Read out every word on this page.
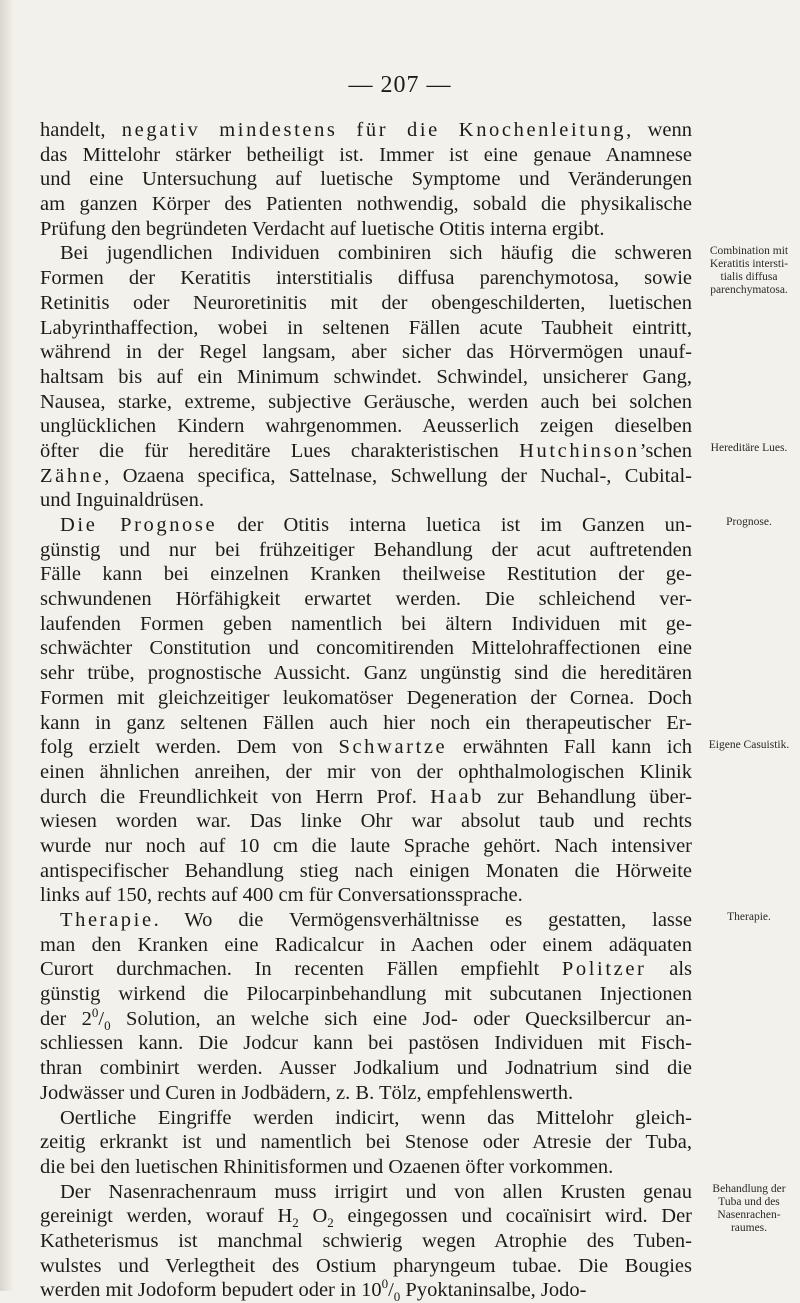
— 207 —
handelt, negativ mindestens für die Knochenleitung, wenn
das Mittelohr stärker betheiligt ist. Immer ist eine genaue Anamnese
und eine Untersuchung auf luetische Symptome und Veränderungen
am ganzen Körper des Patienten nothwendig, sobald die physikalische
Prüfung den begründeten Verdacht auf luetische Otitis interna ergibt.
Bei jugendlichen Individuen combiniren sich häufig die schweren
Formen der Keratitis interstitialis diffusa parenchymotosa, sowie
Retinitis oder Neuroretinitis mit der obengeschilderten, luetischen
Labyrinthaffection, wobei in seltenen Fällen acute Taubheit eintritt,
während in der Regel langsam, aber sicher das Hörvermögen unauf-
haltsam bis auf ein Minimum schwindet. Schwindel, unsicherer Gang,
Nausea, starke, extreme, subjective Geräusche, werden auch bei solchen
unglücklichen Kindern wahrgenommen. Aeusserlich zeigen dieselben
öfter die für hereditäre Lues charakteristischen Hutchinson’schen
Zähne, Ozaena specifica, Sattelnase, Schwellung der Nuchal-, Cubital-
und Inguinaldrüsen.
Die Prognose der Otitis interna luetica ist im Ganzen un-
günstig und nur bei frühzeitiger Behandlung der acut auftretenden
Fälle kann bei einzelnen Kranken theilweise Restitution der ge-
schwundenen Hörfähigkeit erwartet werden. Die schleichend ver-
laufenden Formen geben namentlich bei ältern Individuen mit ge-
schwächter Constitution und concomitirenden Mittelohraffectionen eine
sehr trübe, prognostische Aussicht. Ganz ungünstig sind die hereditären
Formen mit gleichzeitiger leukomatöser Degeneration der Cornea. Doch
kann in ganz seltenen Fällen auch hier noch ein therapeutischer Er-
folg erzielt werden. Dem von Schwartze erwähnten Fall kann ich
einen ähnlichen anreihen, der mir von der ophthalmologischen Klinik
durch die Freundlichkeit von Herrn Prof. Haab zur Behandlung über-
wiesen worden war. Das linke Ohr war absolut taub und rechts
wurde nur noch auf 10 cm die laute Sprache gehört. Nach intensiver
antispecifischer Behandlung stieg nach einigen Monaten die Hörweite
links auf 150, rechts auf 400 cm für Conversationssprache.
Therapie. Wo die Vermögensverhältnisse es gestatten, lasse
man den Kranken eine Radicalcur in Aachen oder einem adäquaten
Curort durchmachen. In recenten Fällen empfiehlt Politzer als
günstig wirkend die Pilocarpinbehandlung mit subcutanen Injectionen
der $2^0/_0$ Solution, an welche sich eine Jod- oder Quecksilbercur an-
schliessen kann. Die Jodcur kann bei pastösen Individuen mit Fisch-
thran combinirt werden. Ausser Jodkalium und Jodnatrium sind die
Jodwässer und Curen in Jodbädern, z. B. Tölz, empfehlenswerth.
Oertliche Eingriffe werden indicirt, wenn das Mittelohr gleich-
zeitig erkrankt ist und namentlich bei Stenose oder Atresie der Tuba,
die bei den luetischen Rhinitisformen und Ozaenen öfter vorkommen.
Der Nasenrachenraum muss irrigirt und von allen Krusten genau
gereinigt werden, worauf $H_2$ $O_2$ eingegossen und cocaïnisirt wird. Der
Katheterismus ist manchmal schwierig wegen Atrophie des Tuben-
wulstes und Verlegtheit des Ostium pharyngeum tubae. Die Bougies
werden mit Jodoform bepudert oder in $10^0/_0$ Pyoktaninsalbe, Jodo-
Combination mit Keratitis intersti- tialis diffusa parenchymatosa.
Hereditäre Lues.
Prognose.
Eigene Casuistik.
Therapie.
Behandlung der Tuba und des Nasenrachen- raumes.
